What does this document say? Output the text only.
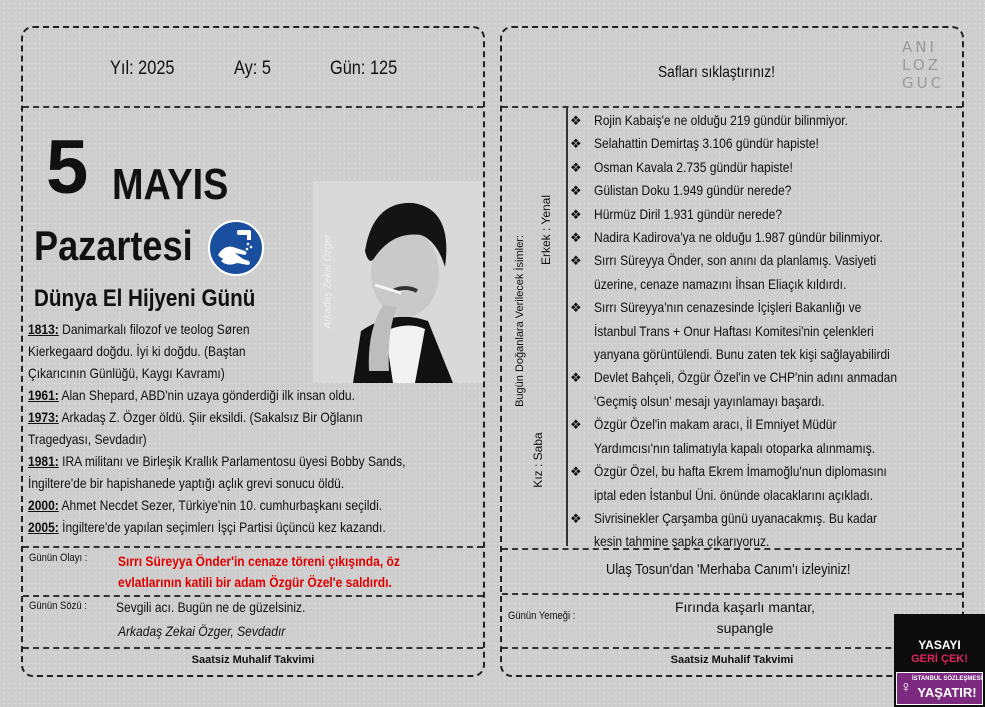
Yıl: 2025	Ay: 5	Gün: 125
5 MAYIS
Pazartesi
Dünya El Hijyeni Günü	Arkadaş Zekai Özger

1813: Danimarkalı filozof ve teolog Søren

Kierkegaard doğdu. İyi ki doğdu. (Baştan

Çıkarıcının Günlüğü, Kaygı Kavramı)

1961: Alan Shepard, ABD'nin uzaya gönderdiği ilk insan oldu.

1973: Arkadaş Z. Özger öldü. Şiir eksildi. (Sakalsız Bir Oğlanın

Tragedyası, Sevdadır)

1981: IRA militanı ve Birleşik Krallık Parlamentosu üyesi Bobby Sands,

İngiltere'de bir hapishanede yaptığı açlık grevi sonucu öldü.

2000: Ahmet Necdet Sezer, Türkiye'nin 10. cumhurbaşkanı seçildi.

2005: İngiltere'de yapılan seçimlerı İşçi Partisi üçüncü kez kazandı.

Günün Olayı : Sırrı Süreyya Önder'in cenaze töreni çıkışında, öz
evlatlarının katili bir adam Özgür Özel'e saldırdı.
Günün Sözü : Sevgili acı. Bugün ne de güzelsiniz.
Arkadaş Zekai Özger, Sevdadır
Saatsiz Muhalif Takvimi
Safları sıklaştırınız!
ANI
LOZ
GUC
Bugün Doğanlara Verilecek İsimler:
Erkek : Yenal
Kız : Saba
❖ Rojin Kabaiş'e ne olduğu 219 gündür bilinmiyor.
❖ Selahattin Demirtaş 3.106 gündür hapiste!
❖ Osman Kavala 2.735 gündür hapiste!
❖ Gülistan Doku 1.949 gündür nerede?
❖ Hürmüz Diril 1.931 gündür nerede?
❖ Nadira Kadirova'ya ne olduğu 1.987 gündür bilinmiyor.
❖ Sırrı Süreyya Önder, son anını da planlamış. Vasiyeti
üzerine, cenaze namazını İhsan Eliaçık kıldırdı.
❖ Sırrı Süreyya'nın cenazesinde İçişleri Bakanlığı ve
İstanbul Trans + Onur Haftası Komitesi'nin çelenkleri
yanyana görüntülendi. Bunu zaten tek kişi sağlayabilirdi
❖ Devlet Bahçeli, Özgür Özel'in ve CHP'nin adını anmadan
'Geçmiş olsun' mesajı yayınlamayı başardı.
❖ Özgür Özel'in makam aracı, İl Emniyet Müdür
Yardımcısı'nın talimatıyla kapalı otoparka alınmamış.
❖ Özgür Özel, bu hafta Ekrem İmamoğlu'nun diplomasını
iptal eden İstanbul Üni. önünde olacaklarını açıkladı.
❖ Sivrisinekler Çarşamba günü uyanacakmış. Bu kadar
kesin tahmine şapka çıkarıyoruz.
Ulaş Tosun'dan 'Merhaba Canım'ı izleyiniz!
Günün Yemeği :
Fırında kaşarlı mantar,
supangle
Saatsiz Muhalif Takvimi
YASAYI
GERİ ÇEK!
♀ İSTANBUL SÖZLEŞMESİ
YAŞATIR!
